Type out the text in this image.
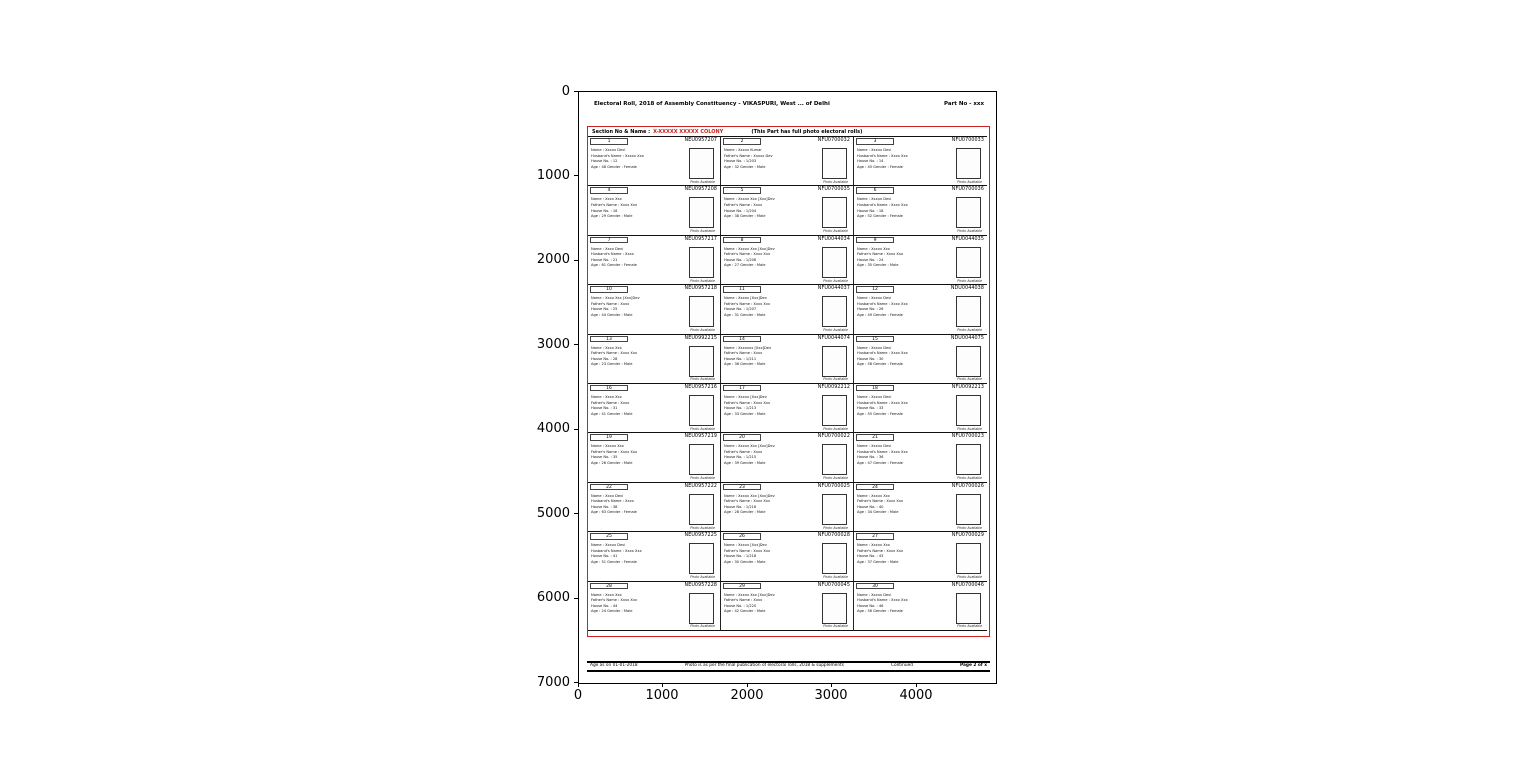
0
1000
2000
3000
4000
5000
6000
7000
0	1000	2000	3000	4000
Electoral Roll, 2018 of Assembly Constituency - VIKASPURI, West ... of Delhi	Part No - xxx
Section No & Name : X-XXXXX XXXXX COLONY	(This Part has full photo electoral rolls)
1	NEU0957207
Name : Xxxxx Devi
Husband's Name : Xxxxx Xxx
House No. : 12
Age : 48 Gender : Female
Photo Available
2	NFU0700032
Name : Xxxxx Kumar
Father's Name : Xxxxx Dev
House No. : 1/203
Age : 32 Gender : Male
Photo Available
3	NFU0700033
Name : Xxxxx Devi
Husband's Name : Xxxx Xxx
House No. : 14
Age : 45 Gender : Female
Photo Available
4	NEU0957208
Name : Xxxx Xxx
Father's Name : Xxxx Xxx
House No. : 16
Age : 29 Gender : Male
Photo Available
5	NFU0700035
Name : Xxxxx Xxx [Xxx]Dev
Father's Name : Xxxx
House No. : 1/204
Age : 38 Gender : Male
Photo Available
6	NFU0700036
Name : Xxxxx Devi
Husband's Name : Xxxx Xxx
House No. : 18
Age : 52 Gender : Female
Photo Available
7	NEU0957217
Name : Xxxx Devi
Husband's Name : Xxxx
House No. : 21
Age : 61 Gender : Female
Photo Available
8	NFU0044034
Name : Xxxxx Xxx [Xxx]Dev
Father's Name : Xxxx Xxx
House No. : 1/206
Age : 27 Gender : Male
Photo Available
9	NFU0044035
Name : Xxxxx Xxx
Father's Name : Xxxx Xxx
House No. : 24
Age : 35 Gender : Male
Photo Available
10	NEU0957218
Name : Xxxx Xxx [Xxx]Dev
Father's Name : Xxxx
House No. : 25
Age : 44 Gender : Male
Photo Available
11	NFU0044037
Name : Xxxxx [Xxx]Dev
Father's Name : Xxxx Xxx
House No. : 1/207
Age : 31 Gender : Male
Photo Available
12	NDU0044038
Name : Xxxxx Devi
Husband's Name : Xxxx Xxx
House No. : 26
Age : 49 Gender : Female
Photo Available
13	NEU0992215
Name : Xxxx Xxx
Father's Name : Xxxx Xxx
House No. : 28
Age : 23 Gender : Male
Photo Available
14	NFU0044074
Name : Xxxxxxx [Xxx]Dev
Father's Name : Xxxx
House No. : 1/211
Age : 36 Gender : Male
Photo Available
15	NDU0044075
Name : Xxxxx Devi
Husband's Name : Xxxx Xxx
House No. : 30
Age : 58 Gender : Female
Photo Available
16	NEU0957216
Name : Xxxx Xxx
Father's Name : Xxxx
House No. : 31
Age : 41 Gender : Male
Photo Available
17	NFU0092212
Name : Xxxxx [Xxx]Dev
Father's Name : Xxxx Xxx
House No. : 1/213
Age : 33 Gender : Male
Photo Available
18	NFU0092213
Name : Xxxxx Devi
Husband's Name : Xxxx Xxx
House No. : 33
Age : 55 Gender : Female
Photo Available
19	NEU0957219
Name : Xxxxx Xxx
Father's Name : Xxxx Xxx
House No. : 35
Age : 26 Gender : Male
Photo Available
20	NFU0700022
Name : Xxxxx Xxx [Xxx]Dev
Father's Name : Xxxx
House No. : 1/215
Age : 39 Gender : Male
Photo Available
21	NFU0700023
Name : Xxxxx Devi
Husband's Name : Xxxx Xxx
House No. : 36
Age : 47 Gender : Female
Photo Available
22	NEU0957222
Name : Xxxx Devi
Husband's Name : Xxxx
House No. : 38
Age : 63 Gender : Female
Photo Available
23	NFU0700025
Name : Xxxxx Xxx [Xxx]Dev
Father's Name : Xxxx Xxx
House No. : 1/216
Age : 28 Gender : Male
Photo Available
24	NFU0700026
Name : Xxxxx Xxx
Father's Name : Xxxx Xxx
House No. : 40
Age : 34 Gender : Male
Photo Available
25	NEU0957225
Name : Xxxxx Devi
Husband's Name : Xxxx Xxx
House No. : 41
Age : 51 Gender : Female
Photo Available
26	NFU0700028
Name : Xxxxx [Xxx]Dev
Father's Name : Xxxx Xxx
House No. : 1/218
Age : 30 Gender : Male
Photo Available
27	NFU0700029
Name : Xxxxx Xxx
Father's Name : Xxxx Xxx
House No. : 43
Age : 37 Gender : Male
Photo Available
28	NEU0957228
Name : Xxxx Xxx
Father's Name : Xxxx Xxx
House No. : 44
Age : 24 Gender : Male
Photo Available
29	NFU0700045
Name : Xxxxx Xxx [Xxx]Dev
Father's Name : Xxxx
House No. : 1/220
Age : 42 Gender : Male
Photo Available
30	NFU0700046
Name : Xxxxx Devi
Husband's Name : Xxxx Xxx
House No. : 46
Age : 56 Gender : Female
Photo Available
Age as on 01-01-2018	Photo is as per the final publication of electoral rolls, 2018 & supplements	Continued	Page 2 of x
